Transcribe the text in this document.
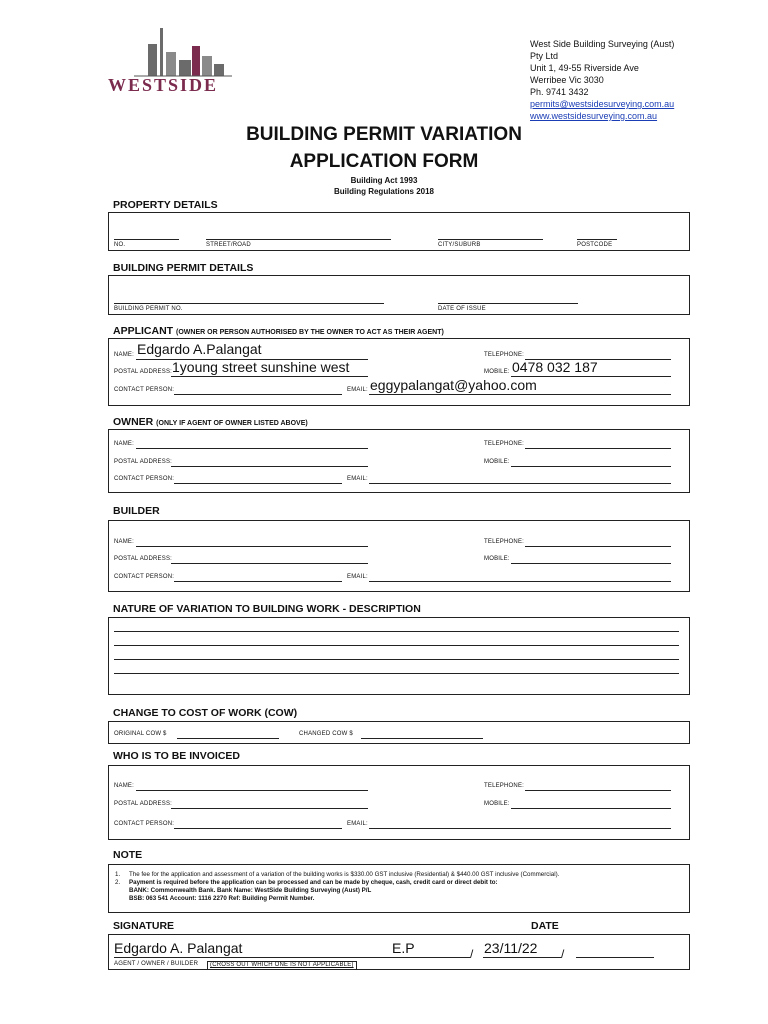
WESTSIDE
West Side Building Surveying (Aust)
Pty Ltd
Unit 1, 49-55 Riverside Ave
Werribee Vic 3030
Ph. 9741 3432
permits@westsidesurveying.com.au
www.westsidesurveying.com.au
BUILDING PERMIT VARIATION
APPLICATION FORM
Building Act 1993
Building Regulations 2018
PROPERTY DETAILS
NO.	STREET/ROAD	CITY/SUBURB	POSTCODE
BUILDING PERMIT DETAILS
BUILDING PERMIT NO.	DATE OF ISSUE
APPLICANT (OWNER OR PERSON AUTHORISED BY THE OWNER TO ACT AS THEIR AGENT)
NAME: Edgardo A.Palangat	TELEPHONE:
POSTAL ADDRESS: 1young street sunshine west	MOBILE: 0478 032 187
CONTACT PERSON:	EMAIL: eggypalangat@yahoo.com
OWNER (ONLY IF AGENT OF OWNER LISTED ABOVE)
NAME:	TELEPHONE:
POSTAL ADDRESS:	MOBILE:
CONTACT PERSON:	EMAIL:
BUILDER
NAME:	TELEPHONE:
POSTAL ADDRESS:	MOBILE:
CONTACT PERSON:	EMAIL:
NATURE OF VARIATION TO BUILDING WORK - DESCRIPTION
CHANGE TO COST OF WORK (COW)
ORIGINAL COW $	CHANGED COW $
WHO IS TO BE INVOICED
NAME:	TELEPHONE:
POSTAL ADDRESS:	MOBILE:
CONTACT PERSON:	EMAIL:
NOTE
1.	The fee for the application and assessment of a variation of the building works is $330.00 GST inclusive (Residential) & $440.00 GST inclusive (Commercial).
2.	Payment is required before the application can be processed and can be made by cheque, cash, credit card or direct debit to:
BANK: Commonwealth Bank. Bank Name: WestSide Building Surveying (Aust) P/L
BSB: 063 541 Account: 1116 2270 Ref: Building Permit Number.
SIGNATURE	DATE
Edgardo A. Palangat	E.P	/ 23/11/22 /
AGENT / OWNER / BUILDER	(CROSS OUT WHICH ONE IS NOT APPLICABLE)
